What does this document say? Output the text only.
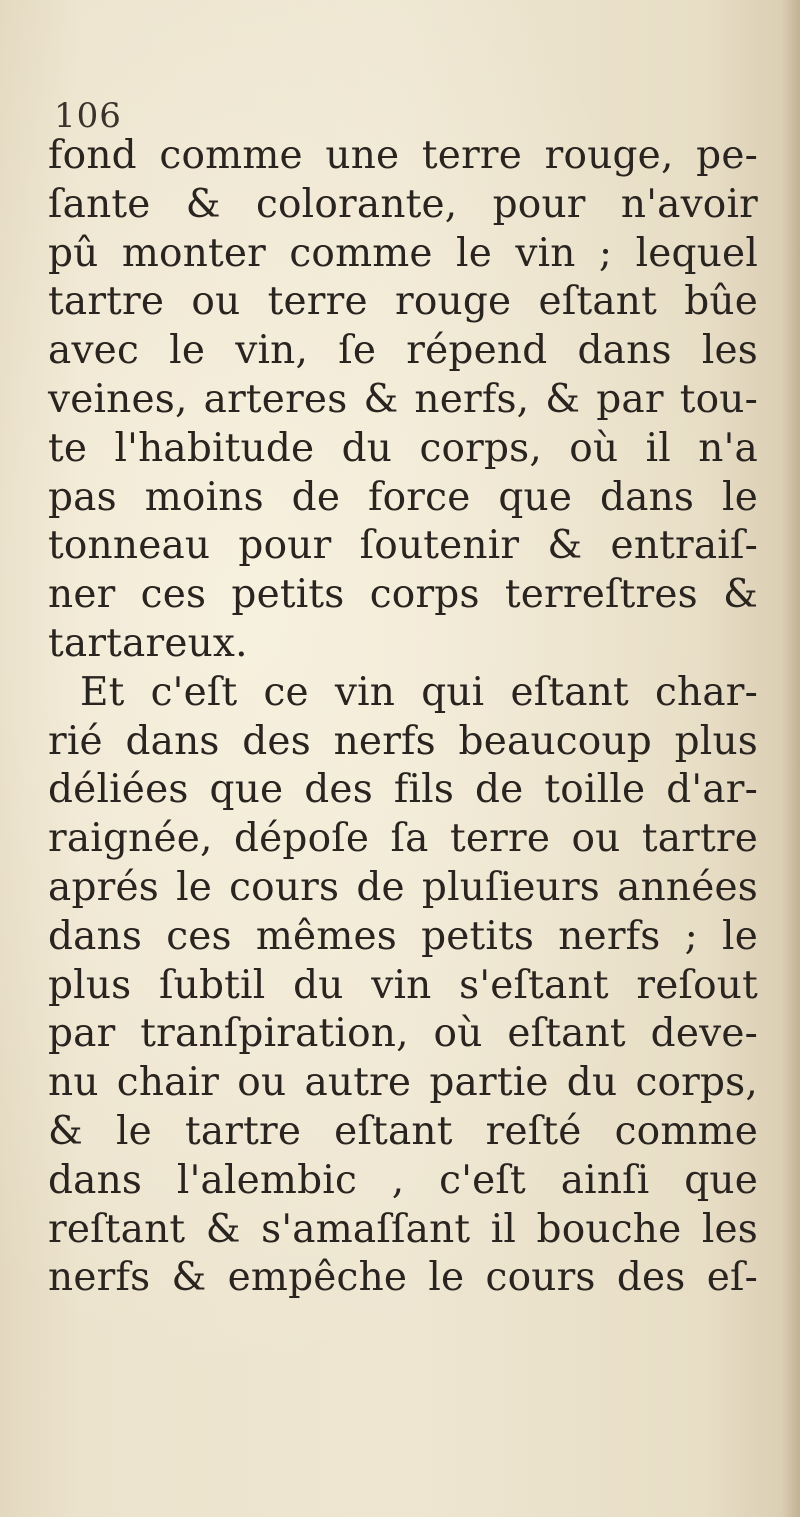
106
fond comme une terre rouge, pe-
ſante & colorante, pour n'avoir
pû monter comme le vin ; lequel
tartre ou terre rouge eſtant bûe
avec le vin, ſe répend dans les
veines, arteres & nerfs, & par tou-
te l'habitude du corps, où il n'a
pas moins de force que dans le
tonneau pour ſoutenir & entraiſ-
ner ces petits corps terreſtres &
tartareux.
Et c'eſt ce vin qui eſtant char-
rié dans des nerfs beaucoup plus
déliées que des fils de toille d'ar-
raignée, dépoſe ſa terre ou tartre
aprés le cours de pluſieurs années
dans ces mêmes petits nerfs ; le
plus ſubtil du vin s'eſtant reſout
par tranſpiration, où eſtant deve-
nu chair ou autre partie du corps,
& le tartre eſtant reſté comme
dans l'alembic , c'eſt ainſi que
reſtant & s'amaſſant il bouche les
nerfs & empêche le cours des eſ-
